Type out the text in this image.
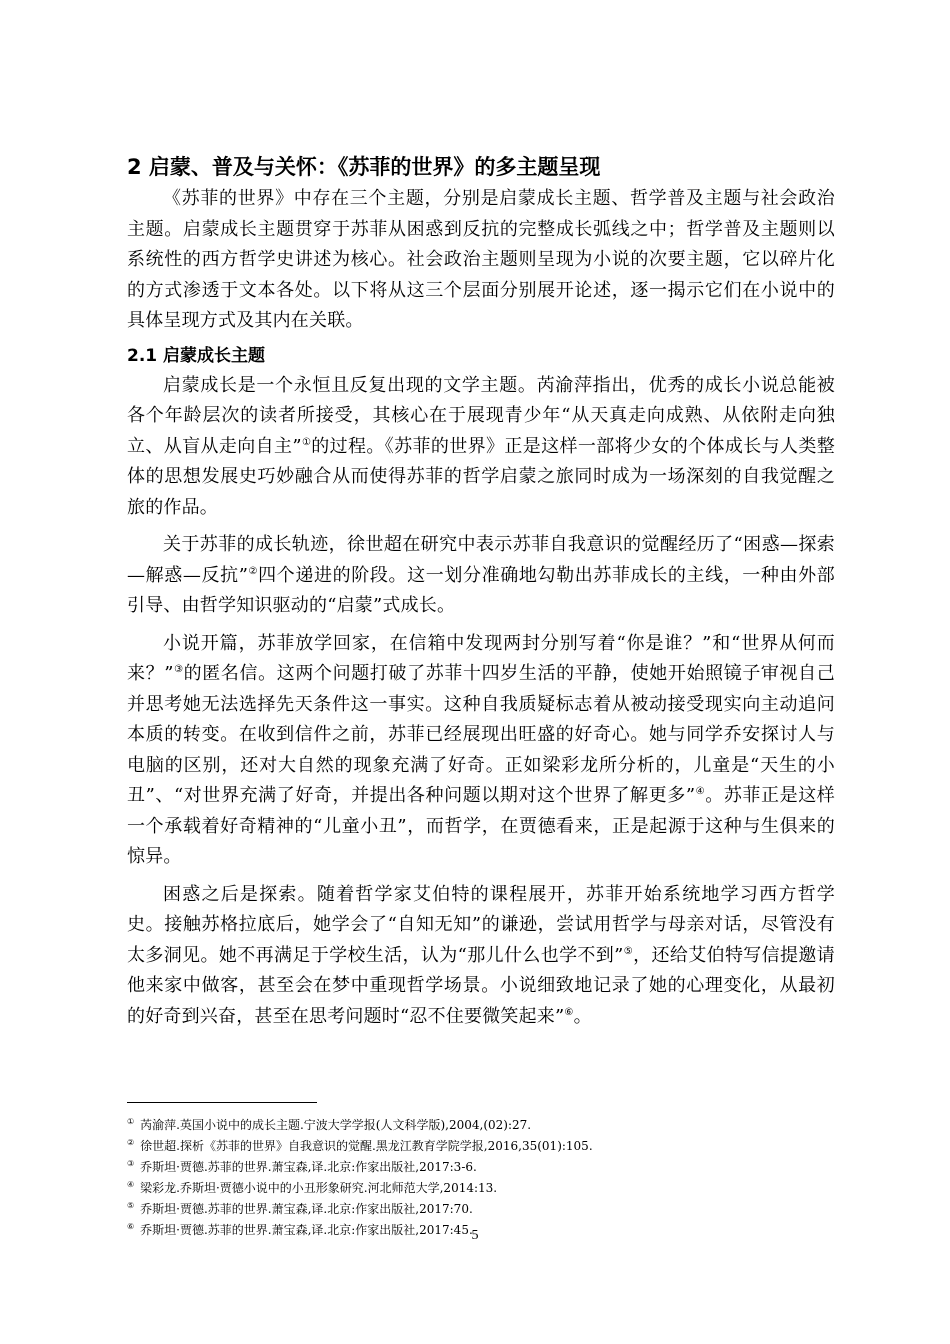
2 启蒙、普及与关怀：《苏菲的世界》的多主题呈现

《苏菲的世界》中存在三个主题，分别是启蒙成长主题、哲学普及主题与社会政治主题。启蒙成长主题贯穿于苏菲从困惑到反抗的完整成长弧线之中；哲学普及主题则以系统性的西方哲学史讲述为核心。社会政治主题则呈现为小说的次要主题，它以碎片化的方式渗透于文本各处。以下将从这三个层面分别展开论述，逐一揭示它们在小说中的具体呈现方式及其内在关联。

2.1 启蒙成长主题

启蒙成长是一个永恒且反复出现的文学主题。芮渝萍指出，优秀的成长小说总能被各个年龄层次的读者所接受，其核心在于展现青少年“从天真走向成熟、从依附走向独立、从盲从走向自主”①的过程。《苏菲的世界》正是这样一部将少女的个体成长与人类整体的思想发展史巧妙融合从而使得苏菲的哲学启蒙之旅同时成为一场深刻的自我觉醒之旅的作品。

关于苏菲的成长轨迹，徐世超在研究中表示苏菲自我意识的觉醒经历了“困惑—探索—解惑—反抗”②四个递进的阶段。这一划分准确地勾勒出苏菲成长的主线，一种由外部引导、由哲学知识驱动的“启蒙”式成长。

小说开篇，苏菲放学回家，在信箱中发现两封分别写着“你是谁？”和“世界从何而来？”③的匿名信。这两个问题打破了苏菲十四岁生活的平静，使她开始照镜子审视自己并思考她无法选择先天条件这一事实。这种自我质疑标志着从被动接受现实向主动追问本质的转变。在收到信件之前，苏菲已经展现出旺盛的好奇心。她与同学乔安探讨人与电脑的区别，还对大自然的现象充满了好奇。正如梁彩龙所分析的，儿童是“天生的小丑”、“对世界充满了好奇，并提出各种问题以期对这个世界了解更多”④。苏菲正是这样一个承载着好奇精神的“儿童小丑”，而哲学，在贾德看来，正是起源于这种与生俱来的惊异。

困惑之后是探索。随着哲学家艾伯特的课程展开，苏菲开始系统地学习西方哲学史。接触苏格拉底后，她学会了“自知无知”的谦逊，尝试用哲学与母亲对话，尽管没有太多洞见。她不再满足于学校生活，认为“那儿什么也学不到”⑤，还给艾伯特写信提邀请他来家中做客，甚至会在梦中重现哲学场景。小说细致地记录了她的心理变化，从最初的好奇到兴奋，甚至在思考问题时“忍不住要微笑起来”⑥。

① 芮渝萍.英国小说中的成长主题.宁波大学学报(人文科学版),2004,(02):27.
② 徐世超.探析《苏菲的世界》自我意识的觉醒.黑龙江教育学院学报,2016,35(01):105.
③ 乔斯坦·贾德.苏菲的世界.萧宝森,译.北京:作家出版社,2017:3-6.
④ 梁彩龙.乔斯坦·贾德小说中的小丑形象研究.河北师范大学,2014:13.
⑤ 乔斯坦·贾德.苏菲的世界.萧宝森,译.北京:作家出版社,2017:70.
⑥ 乔斯坦·贾德.苏菲的世界.萧宝森,译.北京:作家出版社,2017:45.
5
